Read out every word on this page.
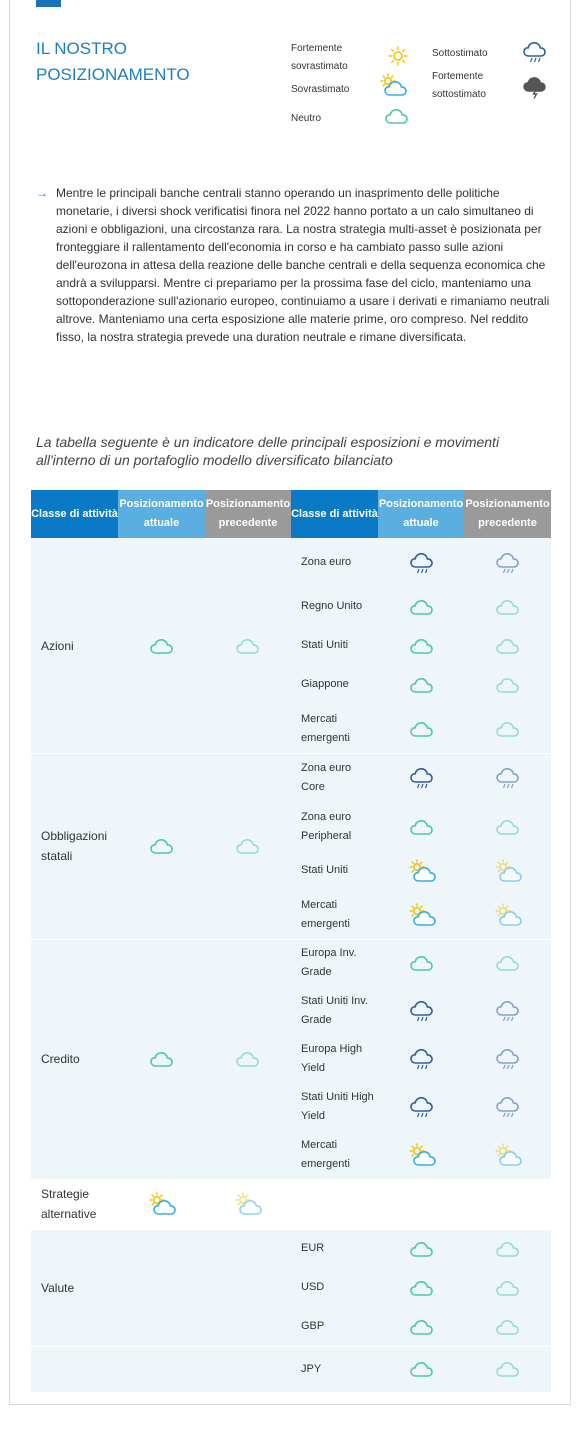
IL NOSTRO POSIZIONAMENTO
Fortemente sovrastimato
Sovrastimato
Neutro
Sottostimato
Fortemente sottostimato
→ Mentre le principali banche centrali stanno operando un inasprimento delle politiche monetarie, i diversi shock verificatisi finora nel 2022 hanno portato a un calo simultaneo di azioni e obbligazioni, una circostanza rara. La nostra strategia multi-asset è posizionata per fronteggiare il rallentamento dell'economia in corso e ha cambiato passo sulle azioni dell'eurozona in attesa della reazione delle banche centrali e della sequenza economica che andrà a svilupparsi. Mentre ci prepariamo per la prossima fase del ciclo, manteniamo una sottoponderazione sull'azionario europeo, continuiamo a usare i derivati e rimaniamo neutrali altrove. Manteniamo una certa esposizione alle materie prime, oro compreso. Nel reddito fisso, la nostra strategia prevede una duration neutrale e rimane diversificata.
La tabella seguente è un indicatore delle principali esposizioni e movimenti all'interno di un portafoglio modello diversificato bilanciato
Classe di attività
Posizionamento attuale
Posizionamento precedente
Classe di attività
Posizionamento attuale
Posizionamento precedente
Azioni
Zona euro
Regno Unito
Stati Uniti
Giappone
Mercati emergenti
Obbligazioni statali
Zona euro Core
Zona euro Peripheral
Stati Uniti
Mercati emergenti
Credito
Europa Inv. Grade
Stati Uniti Inv. Grade
Europa High Yield
Stati Uniti High Yield
Mercati emergenti
Strategie alternative
Valute
EUR
USD
GBP
JPY
